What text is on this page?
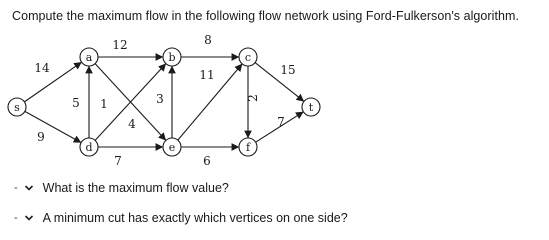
Compute the maximum flow in the following flow network using Ford-Fulkerson's algorithm.
s
a	b	c
d	e	f
t
14
9
12
5 1
4
7
3
8
11
6
2
15
7
- What is the maximum flow value?
- A minimum cut has exactly which vertices on one side?
